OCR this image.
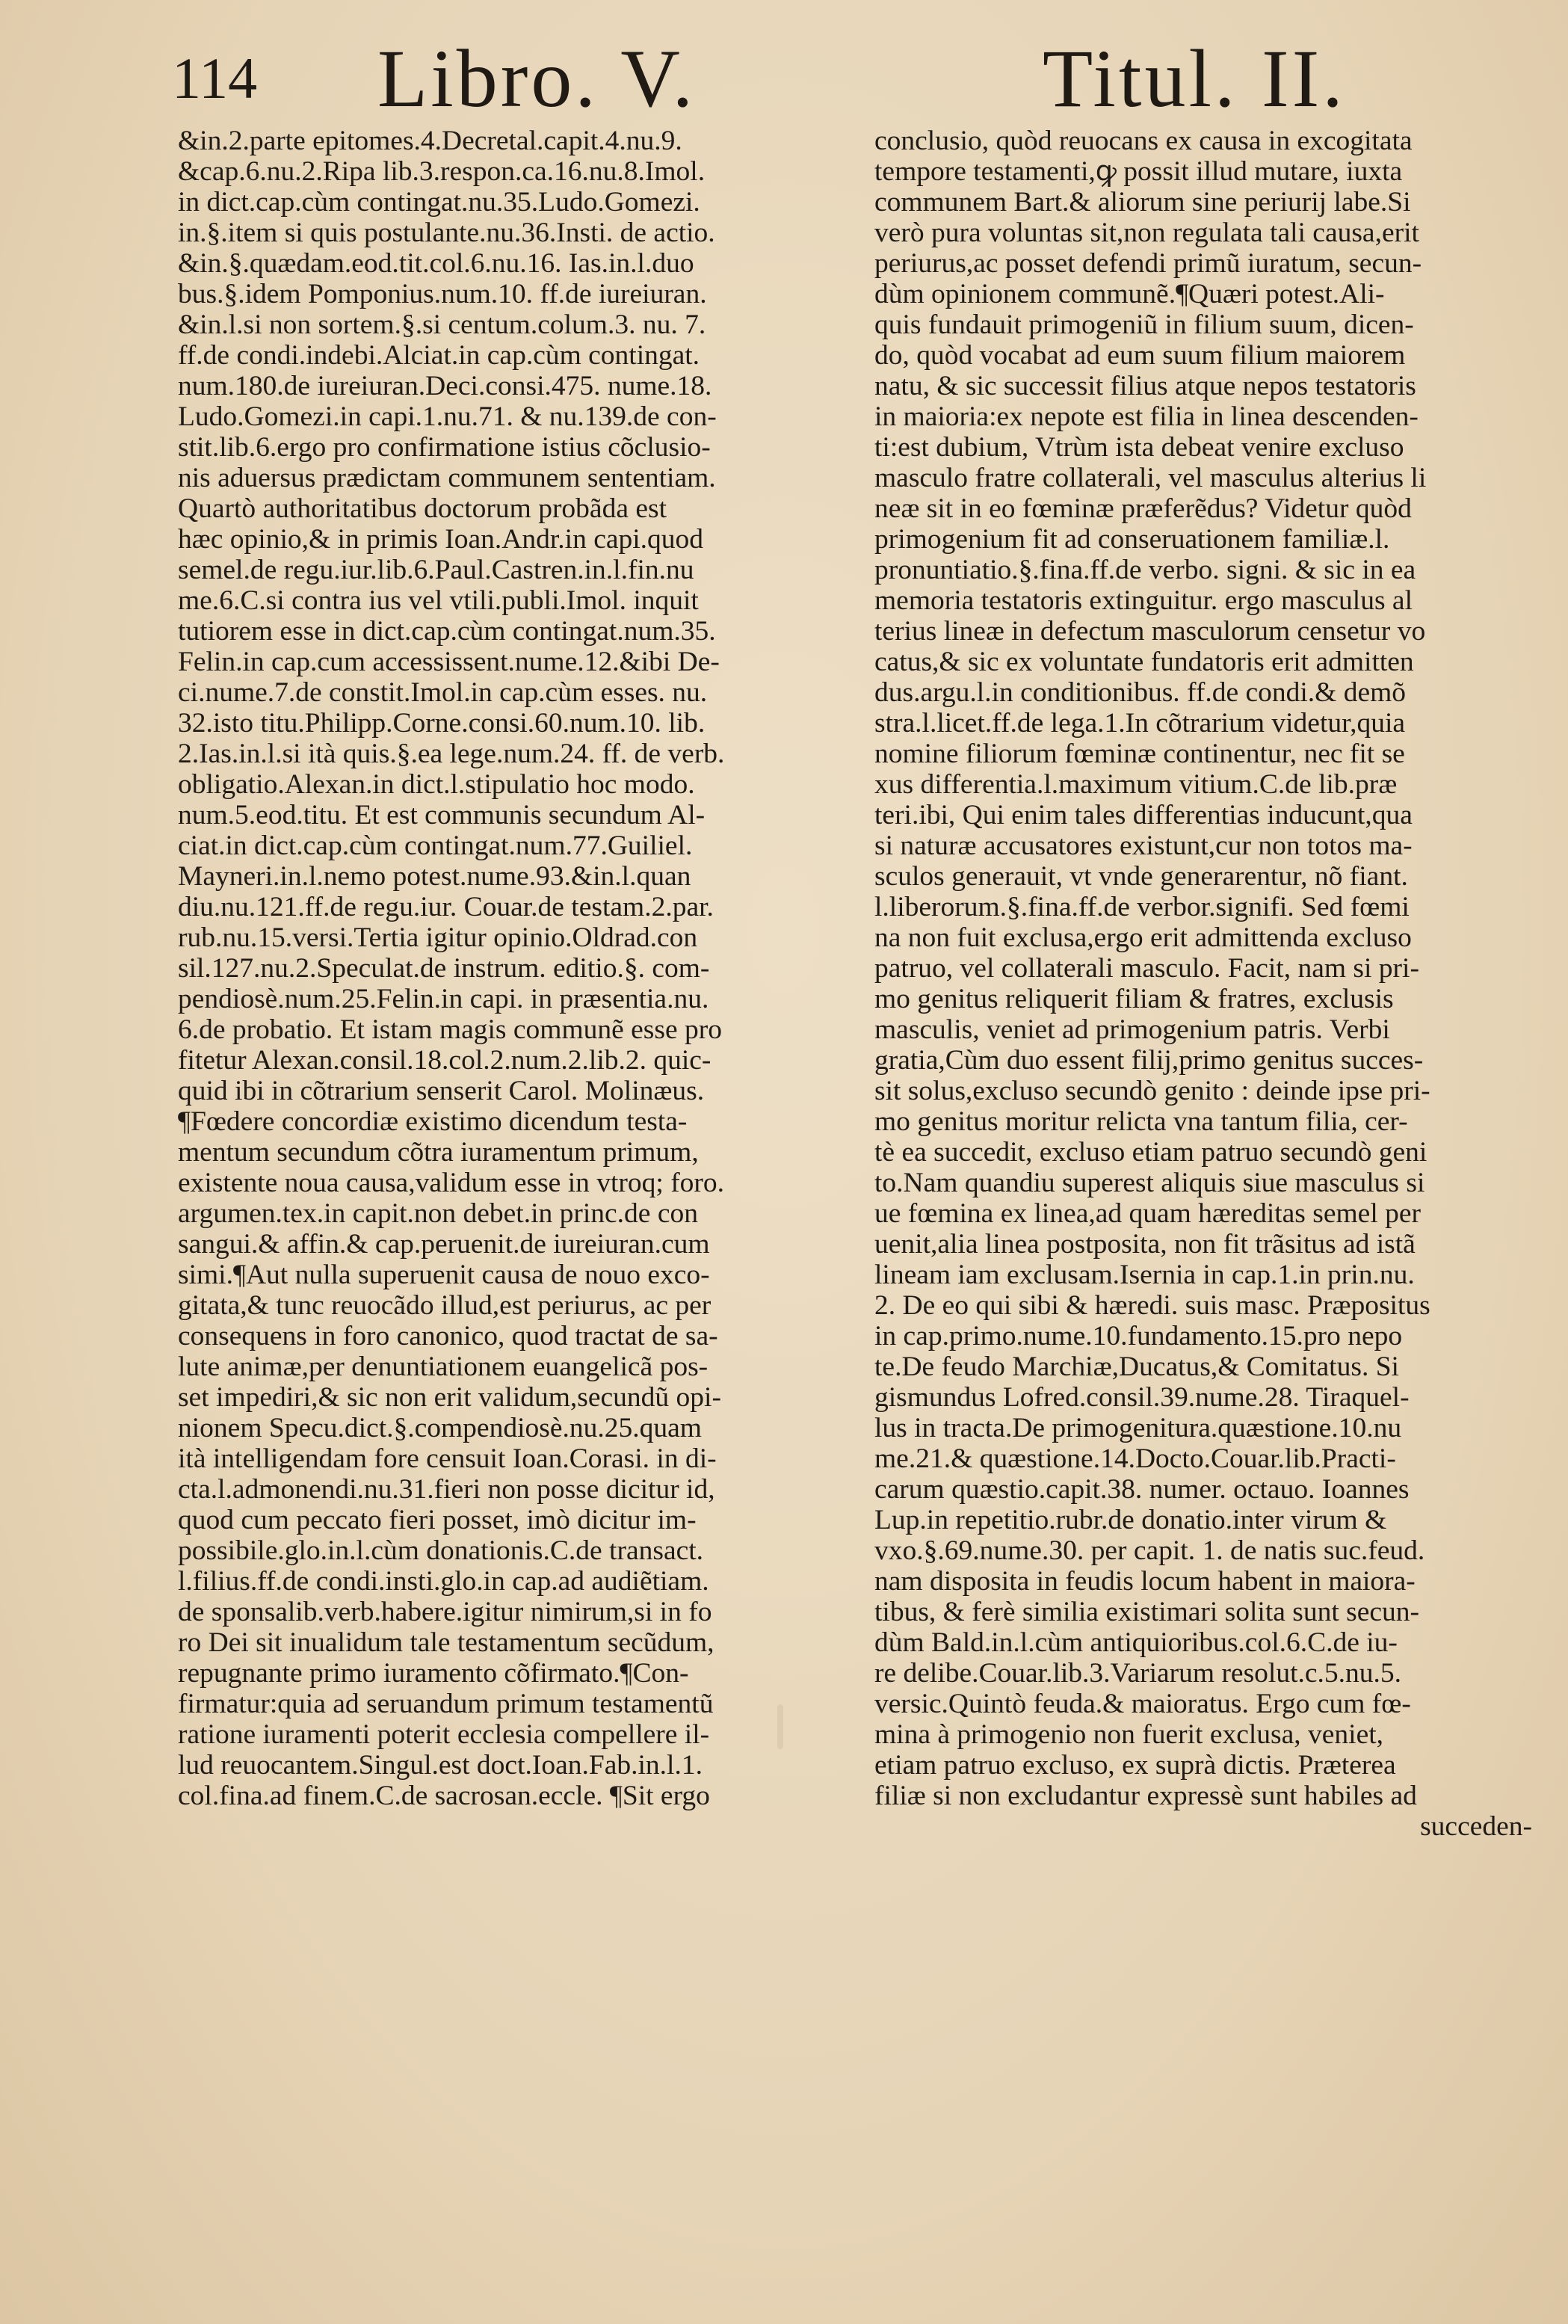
114 Libro. V.	Titul. II.
&in.2.parte epitomes.4.Decretal.capit.4.nu.9.
&cap.6.nu.2.Ripa lib.3.respon.ca.16.nu.8.Imol.
in dict.cap.cùm contingat.nu.35.Ludo.Gomezi.
in.§.item si quis postulante.nu.36.Insti. de actio.
&in.§.quædam.eod.tit.col.6.nu.16. Ias.in.l.duo
bus.§.idem Pomponius.num.10. ff.de iureiuran.
&in.l.si non sortem.§.si centum.colum.3. nu. 7.
ff.de condi.indebi.Alciat.in cap.cùm contingat.
num.180.de iureiuran.Deci.consi.475. nume.18.
Ludo.Gomezi.in capi.1.nu.71. & nu.139.de con-
stit.lib.6.ergo pro confirmatione istius cõclusio-
nis aduersus prædictam communem sententiam.
Quartò authoritatibus doctorum probãda est
hæc opinio,& in primis Ioan.Andr.in capi.quod
semel.de regu.iur.lib.6.Paul.Castren.in.l.fin.nu
me.6.C.si contra ius vel vtili.publi.Imol. inquit
tutiorem esse in dict.cap.cùm contingat.num.35.
Felin.in cap.cum accessissent.nume.12.&ibi De-
ci.nume.7.de constit.Imol.in cap.cùm esses. nu.
32.isto titu.Philipp.Corne.consi.60.num.10. lib.
2.Ias.in.l.si ità quis.§.ea lege.num.24. ff. de verb.
obligatio.Alexan.in dict.l.stipulatio hoc modo.
num.5.eod.titu. Et est communis secundum Al-
ciat.in dict.cap.cùm contingat.num.77.Guiliel.
Mayneri.in.l.nemo potest.nume.93.&in.l.quan
diu.nu.121.ff.de regu.iur. Couar.de testam.2.par.
rub.nu.15.versi.Tertia igitur opinio.Oldrad.con
sil.127.nu.2.Speculat.de instrum. editio.§. com-
pendiosè.num.25.Felin.in capi. in præsentia.nu.
6.de probatio. Et istam magis communẽ esse pro
fitetur Alexan.consil.18.col.2.num.2.lib.2. quic-
quid ibi in cõtrarium senserit Carol. Molinæus.
¶Fœdere concordiæ existimo dicendum testa-
mentum secundum cõtra iuramentum primum,
existente noua causa,validum esse in vtroq; foro.
argumen.tex.in capit.non debet.in princ.de con
sangui.& affin.& cap.peruenit.de iureiuran.cum
simi.¶Aut nulla superuenit causa de nouo exco-
gitata,& tunc reuocãdo illud,est periurus, ac per
consequens in foro canonico, quod tractat de sa-
lute animæ,per denuntiationem euangelicã pos-
set impediri,& sic non erit validum,secundũ opi-
nionem Specu.dict.§.compendiosè.nu.25.quam
ità intelligendam fore censuit Ioan.Corasi. in di-
cta.l.admonendi.nu.31.fieri non posse dicitur id,
quod cum peccato fieri posset, imò dicitur im-
possibile.glo.in.l.cùm donationis.C.de transact.
l.filius.ff.de condi.insti.glo.in cap.ad audiẽtiam.
de sponsalib.verb.habere.igitur nimirum,si in fo
ro Dei sit inualidum tale testamentum secũdum,
repugnante primo iuramento cõfirmato.¶Con-
firmatur:quia ad seruandum primum testamentũ
ratione iuramenti poterit ecclesia compellere il-
lud reuocantem.Singul.est doct.Ioan.Fab.in.l.1.
col.fina.ad finem.C.de sacrosan.eccle. ¶Sit ergo
conclusio, quòd reuocans ex causa in excogitata
tempore testamenti,ꝙ possit illud mutare, iuxta
communem Bart.& aliorum sine periurij labe.Si
verò pura voluntas sit,non regulata tali causa,erit
periurus,ac posset defendi primũ iuratum, secun-
dùm opinionem communẽ.¶Quæri potest.Ali-
quis fundauit primogeniũ in filium suum, dicen-
do, quòd vocabat ad eum suum filium maiorem
natu, & sic successit filius atque nepos testatoris
in maioria:ex nepote est filia in linea descenden-
ti:est dubium, Vtrùm ista debeat venire excluso
masculo fratre collaterali, vel masculus alterius li
neæ sit in eo fœminæ præferẽdus? Videtur quòd
primogenium fit ad conseruationem familiæ.l.
pronuntiatio.§.fina.ff.de verbo. signi. & sic in ea
memoria testatoris extinguitur. ergo masculus al
terius lineæ in defectum masculorum censetur vo
catus,& sic ex voluntate fundatoris erit admitten
dus.argu.l.in conditionibus. ff.de condi.& demõ
stra.l.licet.ff.de lega.1.In cõtrarium videtur,quia
nomine filiorum fœminæ continentur, nec fit se
xus differentia.l.maximum vitium.C.de lib.præ
teri.ibi, Qui enim tales differentias inducunt,qua
si naturæ accusatores existunt,cur non totos ma-
sculos generauit, vt vnde generarentur, nõ fiant.
l.liberorum.§.fina.ff.de verbor.signifi. Sed fœmi
na non fuit exclusa,ergo erit admittenda excluso
patruo, vel collaterali masculo. Facit, nam si pri-
mo genitus reliquerit filiam & fratres, exclusis
masculis, veniet ad primogenium patris. Verbi
gratia,Cùm duo essent filij,primo genitus succes-
sit solus,excluso secundò genito : deinde ipse pri-
mo genitus moritur relicta vna tantum filia, cer-
tè ea succedit, excluso etiam patruo secundò geni
to.Nam quandiu superest aliquis siue masculus si
ue fœmina ex linea,ad quam hæreditas semel per
uenit,alia linea postposita, non fit trãsitus ad istã
lineam iam exclusam.Isernia in cap.1.in prin.nu.
2. De eo qui sibi & hæredi. suis masc. Præpositus
in cap.primo.nume.10.fundamento.15.pro nepo
te.De feudo Marchiæ,Ducatus,& Comitatus. Si
gismundus Lofred.consil.39.nume.28. Tiraquel-
lus in tracta.De primogenitura.quæstione.10.nu
me.21.& quæstione.14.Docto.Couar.lib.Practi-
carum quæstio.capit.38. numer. octauo. Ioannes
Lup.in repetitio.rubr.de donatio.inter virum &
vxo.§.69.nume.30. per capit. 1. de natis suc.feud.
nam disposita in feudis locum habent in maiora-
tibus, & ferè similia existimari solita sunt secun-
dùm Bald.in.l.cùm antiquioribus.col.6.C.de iu-
re delibe.Couar.lib.3.Variarum resolut.c.5.nu.5.
versic.Quintò feuda.& maioratus. Ergo cum fœ-
mina à primogenio non fuerit exclusa, veniet,
etiam patruo excluso, ex suprà dictis. Præterea
filiæ si non excludantur expressè sunt habiles ad
succeden-
